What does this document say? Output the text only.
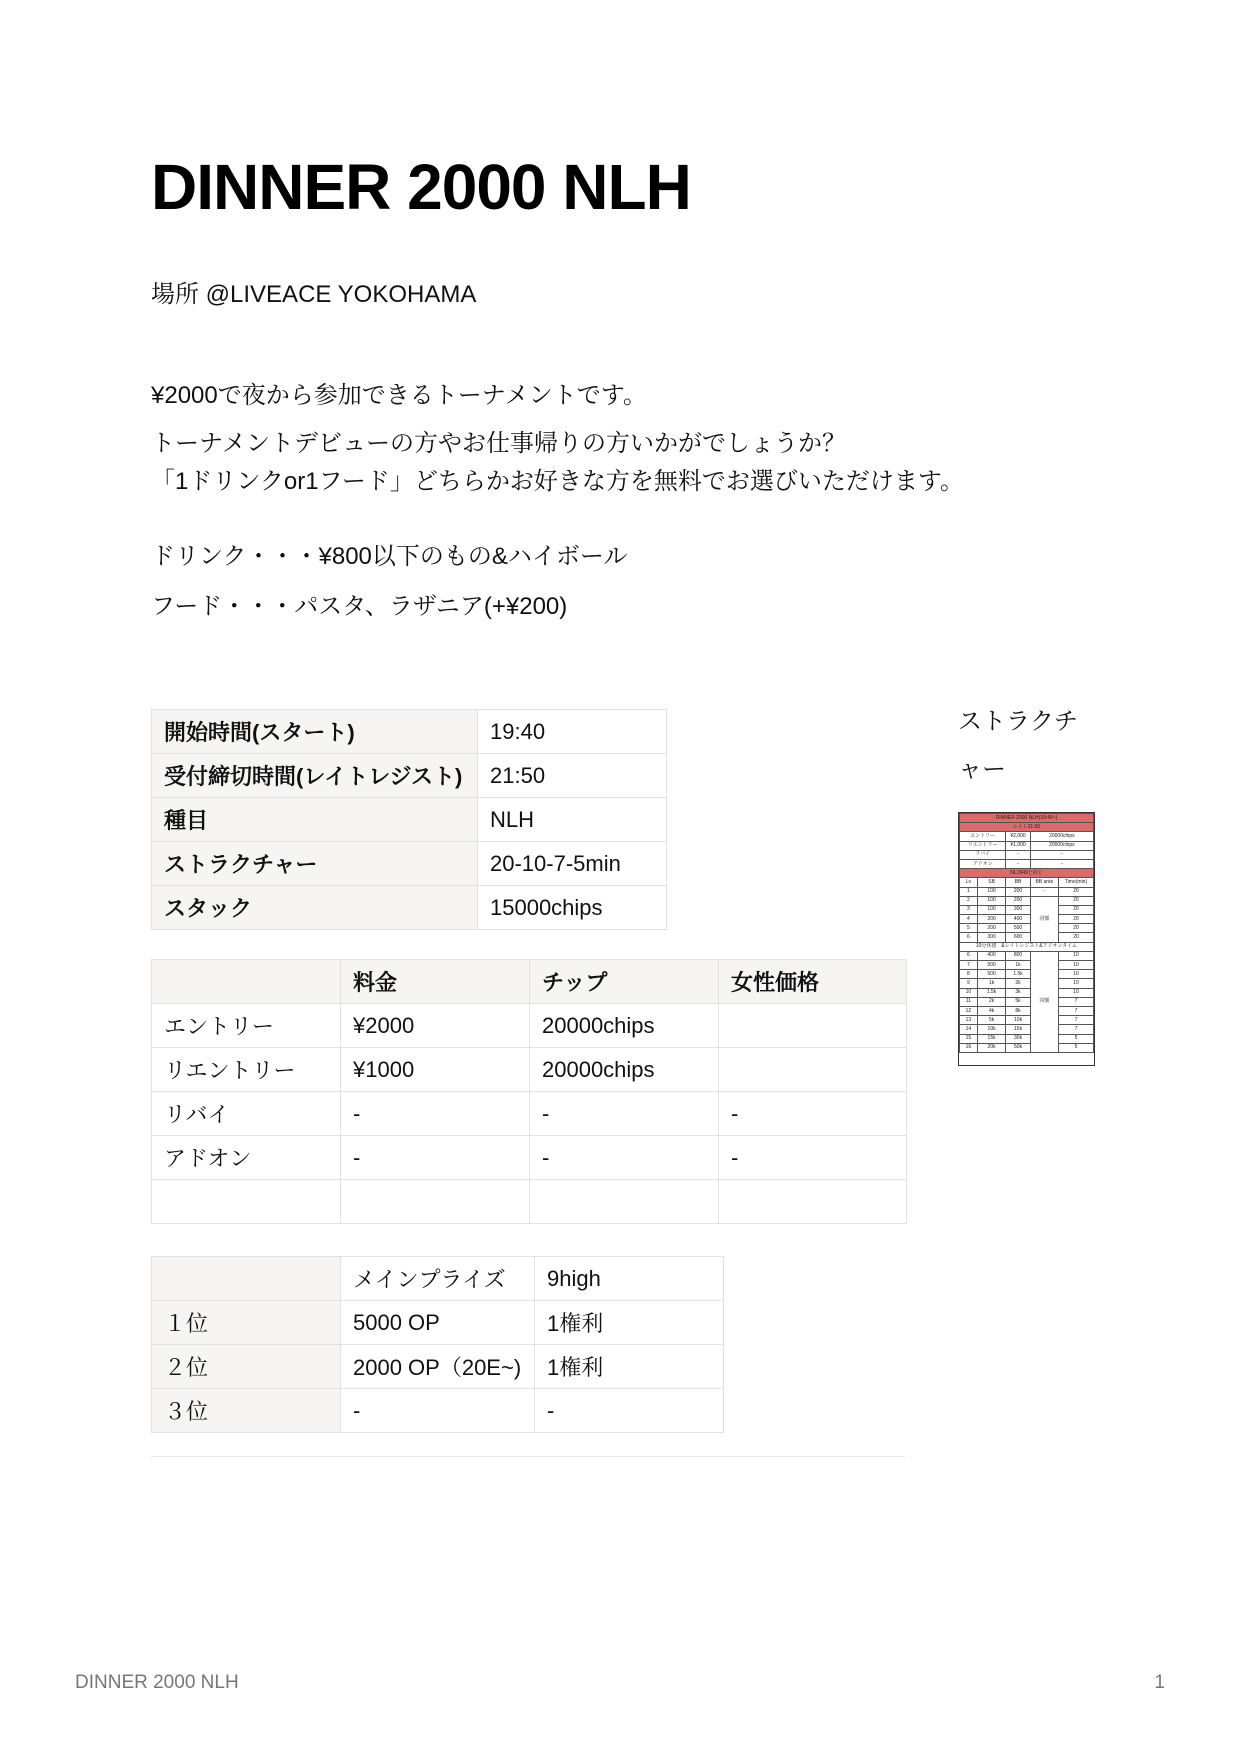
DINNER 2000 NLH

場所 @LIVEACE YOKOHAMA

¥2000で夜から参加できるトーナメントです。

トーナメントデビューの方やお仕事帰りの方いかがでしょうか？

「1ドリンクor1フード」どちらかお好きな方を無料でお選びいただけます。

ドリンク・・・¥800以下のもの&ハイボール

フード・・・パスタ、ラザニア(+¥200)

開始時間(スタート)	19:40
受付締切時間(レイトレジスト)	21:50
種目	NLH
ストラクチャー	20-10-7-5min
スタック	15000chips
	料金	チップ	女性価格
エントリー	¥2000	20000chips	
リエントリー	¥1000	20000chips	
リバイ	-	-	-
アドオン	-	-	-

	メインプライズ	9high
１位	5000 OP	1権利
２位	2000 OP（20E~)	1権利
３位	-	-

ストラクチャー

DINNER 2000 NLH(19:40~)				
レイト21:50				
エントリー		¥2,000	20000chips	
リエントリー		¥1,000	20000chips	
リバイ		-	-	
アドオン		-	-	
NL1949と同じ				
Lv	SB	BB	BB ante	Time(min)
1	100	200	-	20
2	100	200	同額	20
3	100	300		20
4	200	400		20
5	200	500		20
6	300	600		20
10分休憩　&レイトレジスト&アドオンタイム				
6	400	800	同額	10
7	500	1k		10
8	500	1.5k		10
9	1k	2k		10
10	1.5k	3k		10
11	2k	5k		7
12	4k	8k		7
13	5k	10k		7
14	10k	15k		7
15	15k	30k		5
16	20k	50k		5
DINNER 2000 NLH	1
